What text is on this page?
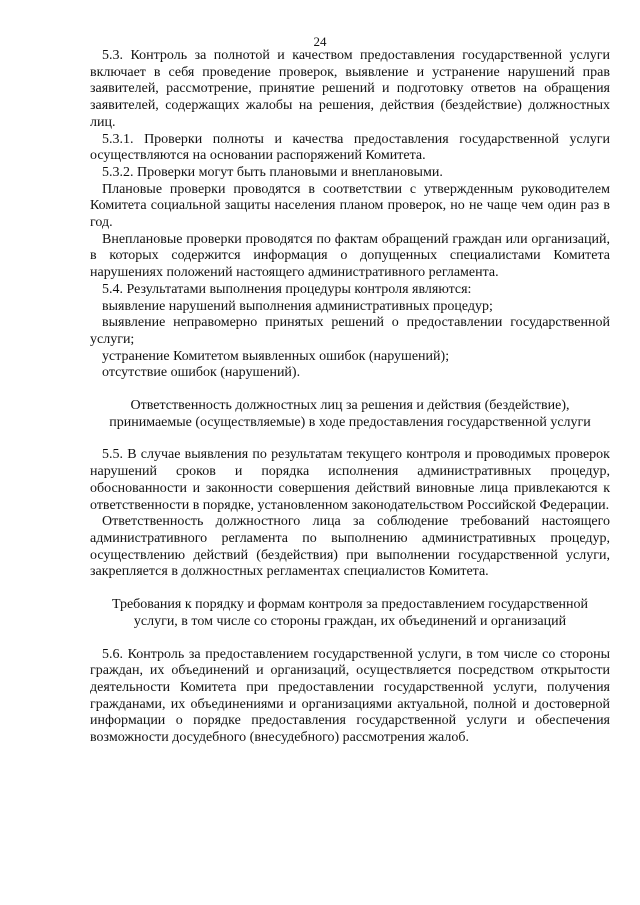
24

5.3. Контроль за полнотой и качеством предоставления государственной услуги включает в себя проведение проверок, выявление и устранение нарушений прав заявителей, рассмотрение, принятие решений и подготовку ответов на обращения заявителей, содержащих жалобы на решения, действия (бездействие) должностных лиц.

5.3.1. Проверки полноты и качества предоставления государственной услуги осуществляются на основании распоряжений Комитета.

5.3.2. Проверки могут быть плановыми и внеплановыми.

Плановые проверки проводятся в соответствии с утвержденным руководителем Комитета социальной защиты населения планом проверок, но не чаще чем один раз в год.

Внеплановые проверки проводятся по фактам обращений граждан или организаций, в которых содержится информация о допущенных специалистами Комитета нарушениях положений настоящего административного регламента.

5.4. Результатами выполнения процедуры контроля являются:

выявление нарушений выполнения административных процедур;

выявление неправомерно принятых решений о предоставлении государственной услуги;

устранение Комитетом выявленных ошибок (нарушений);

отсутствие ошибок (нарушений).

Ответственность должностных лиц за решения и действия (бездействие), принимаемые (осуществляемые) в ходе предоставления государственной услуги

5.5. В случае выявления по результатам текущего контроля и проводимых проверок нарушений сроков и порядка исполнения административных процедур, обоснованности и законности совершения действий виновные лица привлекаются к ответственности в порядке, установленном законодательством Российской Федерации.

Ответственность должностного лица за соблюдение требований настоящего административного регламента по выполнению административных процедур, осуществлению действий (бездействия) при выполнении государственной услуги, закрепляется в должностных регламентах специалистов Комитета.

Требования к порядку и формам контроля за предоставлением государственной услуги, в том числе со стороны граждан, их объединений и организаций

5.6. Контроль за предоставлением государственной услуги, в том числе со стороны граждан, их объединений и организаций, осуществляется посредством открытости деятельности Комитета при предоставлении государственной услуги, получения гражданами, их объединениями и организациями актуальной, полной и достоверной информации о порядке предоставления государственной услуги и обеспечения возможности досудебного (внесудебного) рассмотрения жалоб.
